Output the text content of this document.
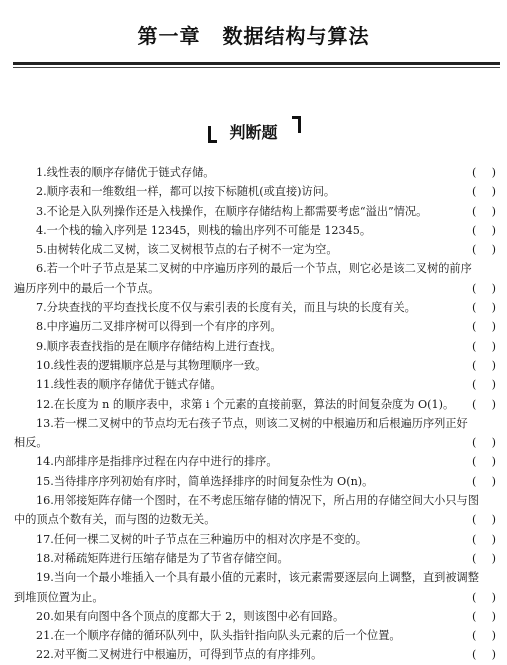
第一章 数据结构与算法
判断题
1.线性表的顺序存储优于链式存储。	( )
2.顺序表和一维数组一样，都可以按下标随机(或直接)访问。	( )
3.不论是入队列操作还是入栈操作，在顺序存储结构上都需要考虑“溢出”情况。	( )
4.一个栈的输入序列是 12345，则栈的输出序列不可能是 12345。	( )
5.由树转化成二叉树，该二叉树根节点的右子树不一定为空。	( )
6.若一个叶子节点是某二叉树的中序遍历序列的最后一个节点，则它必是该二叉树的前序
遍历序列中的最后一个节点。	( )
7.分块查找的平均查找长度不仅与索引表的长度有关，而且与块的长度有关。	( )
8.中序遍历二叉排序树可以得到一个有序的序列。	( )
9.顺序表查找指的是在顺序存储结构上进行查找。	( )
10.线性表的逻辑顺序总是与其物理顺序一致。	( )
11.线性表的顺序存储优于链式存储。	( )
12.在长度为 n 的顺序表中，求第 i 个元素的直接前驱，算法的时间复杂度为 O(1)。	( )
13.若一棵二叉树中的节点均无右孩子节点，则该二叉树的中根遍历和后根遍历序列正好
相反。	( )
14.内部排序是指排序过程在内存中进行的排序。	( )
15.当待排序序列初始有序时，简单选择排序的时间复杂性为 O(n)。	( )
16.用邻接矩阵存储一个图时，在不考虑压缩存储的情况下，所占用的存储空间大小只与图
中的顶点个数有关，而与图的边数无关。	( )
17.任何一棵二叉树的叶子节点在三种遍历中的相对次序是不变的。	( )
18.对稀疏矩阵进行压缩存储是为了节省存储空间。	( )
19.当向一个最小堆插入一个具有最小值的元素时，该元素需要逐层向上调整，直到被调整
到堆顶位置为止。	( )
20.如果有向图中各个顶点的度都大于 2，则该图中必有回路。	( )
21.在一个顺序存储的循环队列中，队头指针指向队头元素的后一个位置。	( )
22.对平衡二叉树进行中根遍历，可得到节点的有序排列。	( )
